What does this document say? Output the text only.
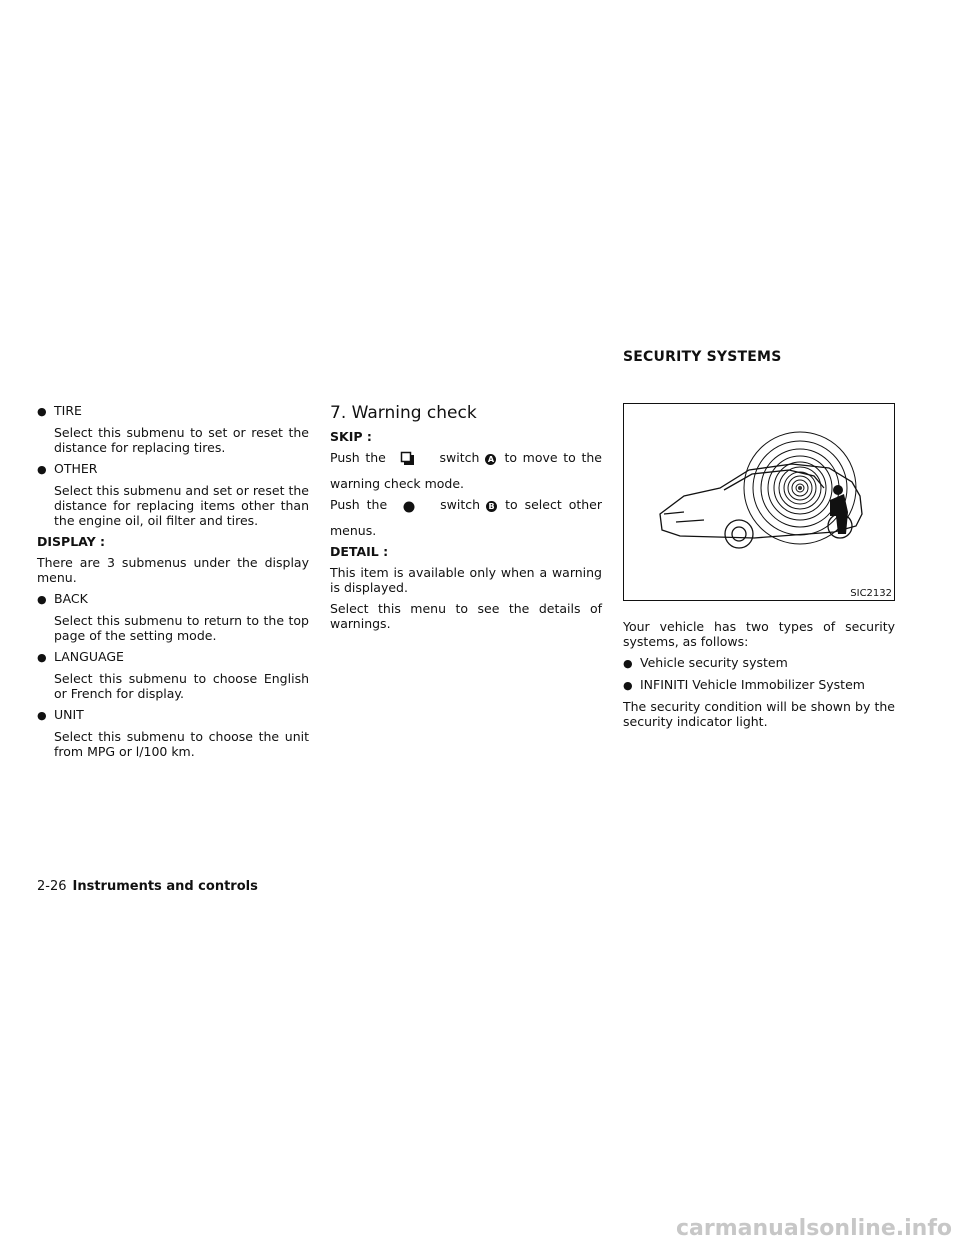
SECURITY SYSTEMS
● TIRE
Select this submenu to set or reset the distance for replacing tires.
● OTHER
Select this submenu and set or reset the distance for replacing items other than the engine oil, oil filter and tires.
DISPLAY :
There are 3 submenus under the display menu.
● BACK
Select this submenu to return to the top page of the setting mode.
● LANGUAGE
Select this submenu to choose English or French for display.
● UNIT
Select this submenu to choose the unit from MPG or l/100 km.
7. Warning check
SKIP :
Push the	switch A to move to the
warning check mode.
Push the	switch B to select other
menus.
DETAIL :
This item is available only when a warning is displayed.
Select this menu to see the details of warnings.
SIC2132
Your vehicle has two types of security systems, as follows:
● Vehicle security system
● INFINITI Vehicle Immobilizer System
The security condition will be shown by the security indicator light.
2-26 Instruments and controls
carmanualsonline.info
